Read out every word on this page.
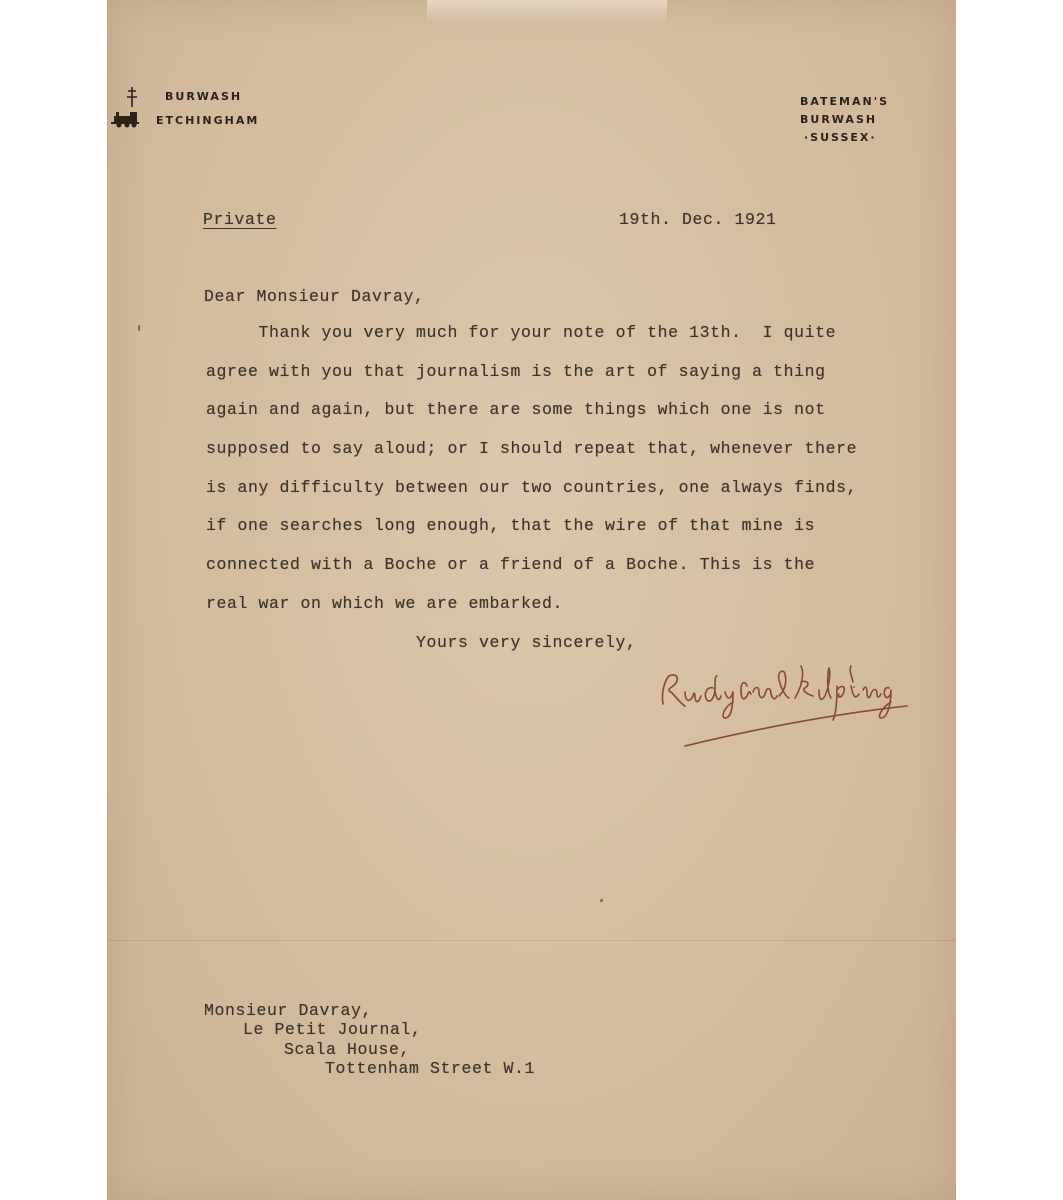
BURWASH
ETCHINGHAM
BATEMAN'S
BURWASH
·SUSSEX·
Private	19th. Dec. 1921
Dear Monsieur Davray,
Thank you very much for your note of the 13th.  I quite
agree with you that journalism is the art of saying a thing
again and again, but there are some things which one is not
supposed to say aloud; or I should repeat that, whenever there
is any difficulty between our two countries, one always finds,
if one searches long enough, that the wire of that mine is
connected with a Boche or a friend of a Boche. This is the
real war on which we are embarked.
Yours very sincerely,
Monsieur Davray,
Le Petit Journal,
Scala House,
Tottenham Street W.1
